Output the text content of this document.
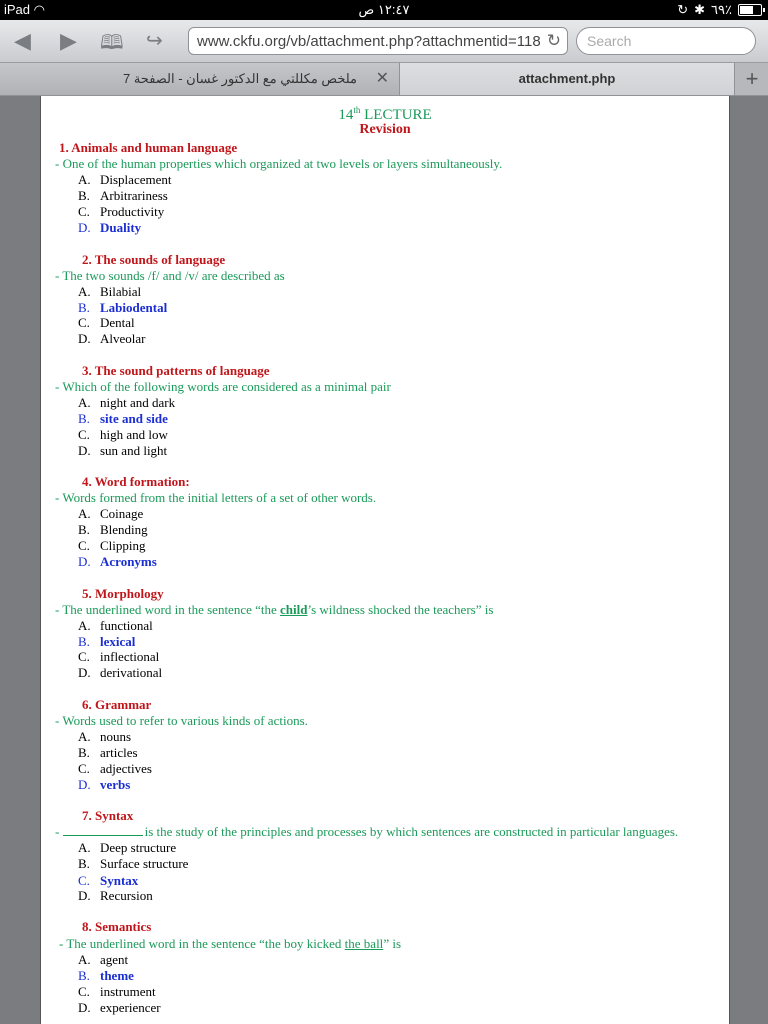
iPad ◠	١٢:٤٧ ص	↻ ✱ ٦٩٪
◀ ▶ 🕮 ↪	www.ckfu.org/vb/attachment.php?attachmentid=118 ↻	Search
ملخص مكللتي مع الدكتور غسان - الصفحة 7 ✕	attachment.php	+
14th LECTURE
Revision
1. Animals and human language
- One of the human properties which organized at two levels or layers simultaneously.
A. Displacement
B. Arbitrariness
C. Productivity
D. Duality
2. The sounds of language
- The two sounds /f/ and /v/ are described as
A. Bilabial
B. Labiodental
C. Dental
D. Alveolar
3. The sound patterns of language
- Which of the following words are considered as a minimal pair
A. night and dark
B. site and side
C. high and low
D. sun and light
4. Word formation:
- Words formed from the initial letters of a set of other words.
A. Coinage
B. Blending
C. Clipping
D. Acronyms
5. Morphology
- The underlined word in the sentence “the child’s wildness shocked the teachers” is
A. functional
B. lexical
C. inflectional
D. derivational
6. Grammar
- Words used to refer to various kinds of actions.
A. nouns
B. articles
C. adjectives
D. verbs
7. Syntax
-	is the study of the principles and processes by which sentences are constructed in particular languages.
A. Deep structure
B. Surface structure
C. Syntax
D. Recursion
8. Semantics
- The underlined word in the sentence “the boy kicked the ball” is
A. agent
B. theme
C. instrument
D. experiencer
